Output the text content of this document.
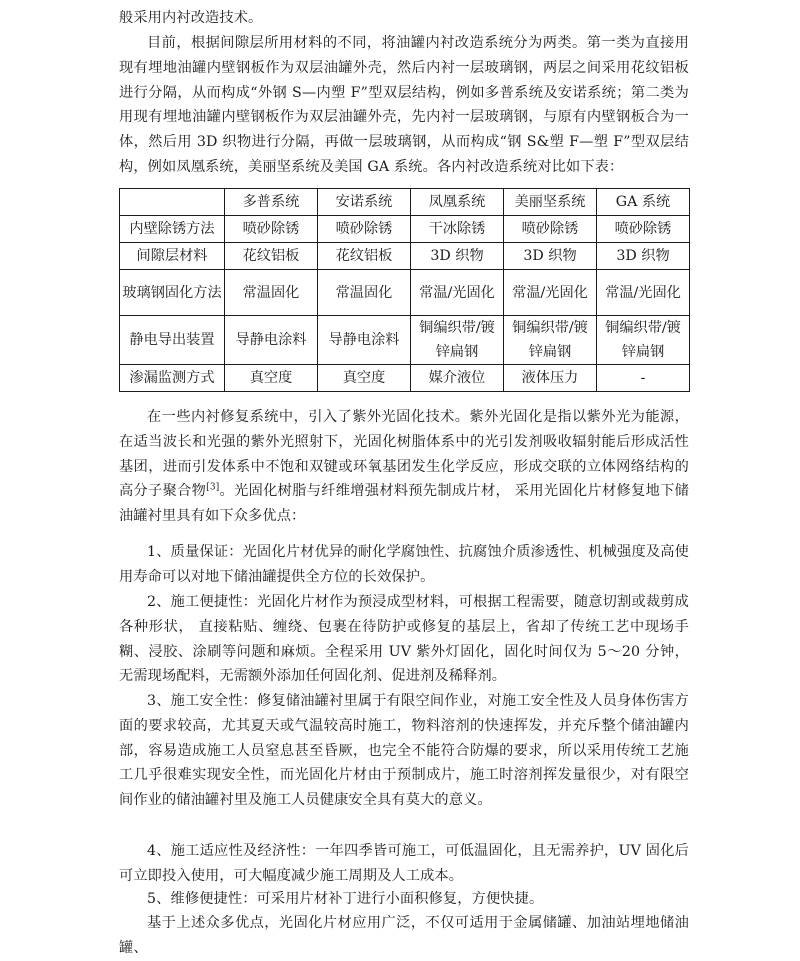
般采用内衬改造技术。

目前，根据间隙层所用材料的不同，将油罐内衬改造系统分为两类。第一类为直接用现有埋地油罐内壁钢板作为双层油罐外壳，然后内衬一层玻璃钢，两层之间采用花纹铝板进行分隔，从而构成“外钢 S—内塑 F”型双层结构，例如多普系统及安诺系统；第二类为用现有埋地油罐内壁钢板作为双层油罐外壳，先内衬一层玻璃钢，与原有内壁钢板合为一体，然后用 3D 织物进行分隔，再做一层玻璃钢，从而构成“钢 S&塑 F—塑 F”型双层结构，例如凤凰系统，美丽坚系统及美国 GA 系统。各内衬改造系统对比如下表：

	多普系统	安诺系统	凤凰系统	美丽坚系统	GA 系统
内壁除锈方法	喷砂除锈	喷砂除锈	干冰除锈	喷砂除锈	喷砂除锈
间隙层材料	花纹铝板	花纹铝板	3D 织物	3D 织物	3D 织物
玻璃钢固化方法	常温固化	常温固化	常温/光固化	常温/光固化	常温/光固化
静电导出装置	导静电涂料	导静电涂料	铜编织带/镀锌扁钢	铜编织带/镀锌扁钢	铜编织带/镀锌扁钢
渗漏监测方式	真空度	真空度	媒介液位	液体压力	-

在一些内衬修复系统中，引入了紫外光固化技术。紫外光固化是指以紫外光为能源，在适当波长和光强的紫外光照射下，光固化树脂体系中的光引发剂吸收辐射能后形成活性基团，进而引发体系中不饱和双键或环氧基团发生化学反应，形成交联的立体网络结构的高分子聚合物[3]。光固化树脂与纤维增强材料预先制成片材， 采用光固化片材修复地下储油罐衬里具有如下众多优点：

1、质量保证：光固化片材优异的耐化学腐蚀性、抗腐蚀介质渗透性、机械强度及高使用寿命可以对地下储油罐提供全方位的长效保护。

2、施工便捷性：光固化片材作为预浸成型材料，可根据工程需要，随意切割或裁剪成各种形状， 直接粘贴、缠绕、包裹在待防护或修复的基层上，省却了传统工艺中现场手糊、浸胶、涂刷等问题和麻烦。全程采用 UV 紫外灯固化，固化时间仅为 5～20 分钟，无需现场配料，无需额外添加任何固化剂、促进剂及稀释剂。

3、施工安全性：修复储油罐衬里属于有限空间作业，对施工安全性及人员身体伤害方面的要求较高，尤其夏天或气温较高时施工，物料溶剂的快速挥发，并充斥整个储油罐内部，容易造成施工人员窒息甚至昏厥，也完全不能符合防爆的要求，所以采用传统工艺施工几乎很难实现安全性，而光固化片材由于预制成片，施工时溶剂挥发量很少，对有限空间作业的储油罐衬里及施工人员健康安全具有莫大的意义。

4、施工适应性及经济性：一年四季皆可施工，可低温固化，且无需养护，UV 固化后可立即投入使用，可大幅度减少施工周期及人工成本。

5、维修便捷性：可采用片材补丁进行小面积修复，方便快捷。

基于上述众多优点，光固化片材应用广泛，不仅可适用于金属储罐、加油站埋地储油罐、
